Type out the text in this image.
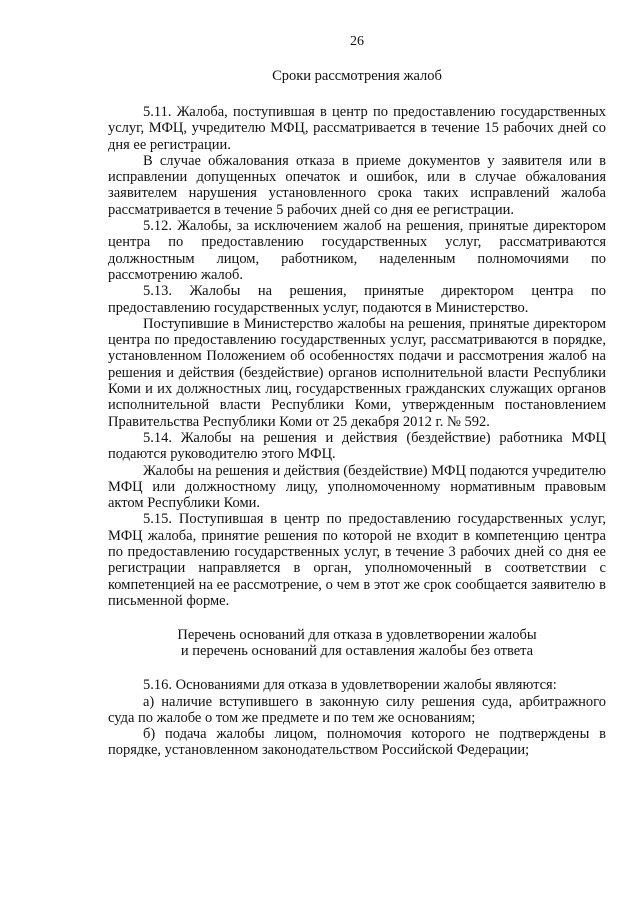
26

Сроки рассмотрения жалоб

5.11. Жалоба, поступившая в центр по предоставлению государственных услуг, МФЦ, учредителю МФЦ, рассматривается в течение 15 рабочих дней со дня ее регистрации.

В случае обжалования отказа в приеме документов у заявителя или в исправлении допущенных опечаток и ошибок, или в случае обжалования заявителем нарушения установленного срока таких исправлений жалоба рассматривается в течение 5 рабочих дней со дня ее регистрации.

5.12. Жалобы, за исключением жалоб на решения, принятые директором центра по предоставлению государственных услуг, рассматриваются должностным лицом, работником, наделенным полномочиями по рассмотрению жалоб.

5.13. Жалобы на решения, принятые директором центра по предоставлению государственных услуг, подаются в Министерство.

Поступившие в Министерство жалобы на решения, принятые директором центра по предоставлению государственных услуг, рассматриваются в порядке, установленном Положением об особенностях подачи и рассмотрения жалоб на решения и действия (бездействие) органов исполнительной власти Республики Коми и их должностных лиц, государственных гражданских служащих органов исполнительной власти Республики Коми, утвержденным постановлением Правительства Республики Коми от 25 декабря 2012 г. № 592.

5.14. Жалобы на решения и действия (бездействие) работника МФЦ подаются руководителю этого МФЦ.

Жалобы на решения и действия (бездействие) МФЦ подаются учредителю МФЦ или должностному лицу, уполномоченному нормативным правовым актом Республики Коми.

5.15. Поступившая в центр по предоставлению государственных услуг, МФЦ жалоба, принятие решения по которой не входит в компетенцию центра по предоставлению государственных услуг, в течение 3 рабочих дней со дня ее регистрации направляется в орган, уполномоченный в соответствии с компетенцией на ее рассмотрение, о чем в этот же срок сообщается заявителю в письменной форме.

Перечень оснований для отказа в удовлетворении жалобы

и перечень оснований для оставления жалобы без ответа

5.16. Основаниями для отказа в удовлетворении жалобы являются:

а) наличие вступившего в законную силу решения суда, арбитражного суда по жалобе о том же предмете и по тем же основаниям;

б) подача жалобы лицом, полномочия которого не подтверждены в порядке, установленном законодательством Российской Федерации;
